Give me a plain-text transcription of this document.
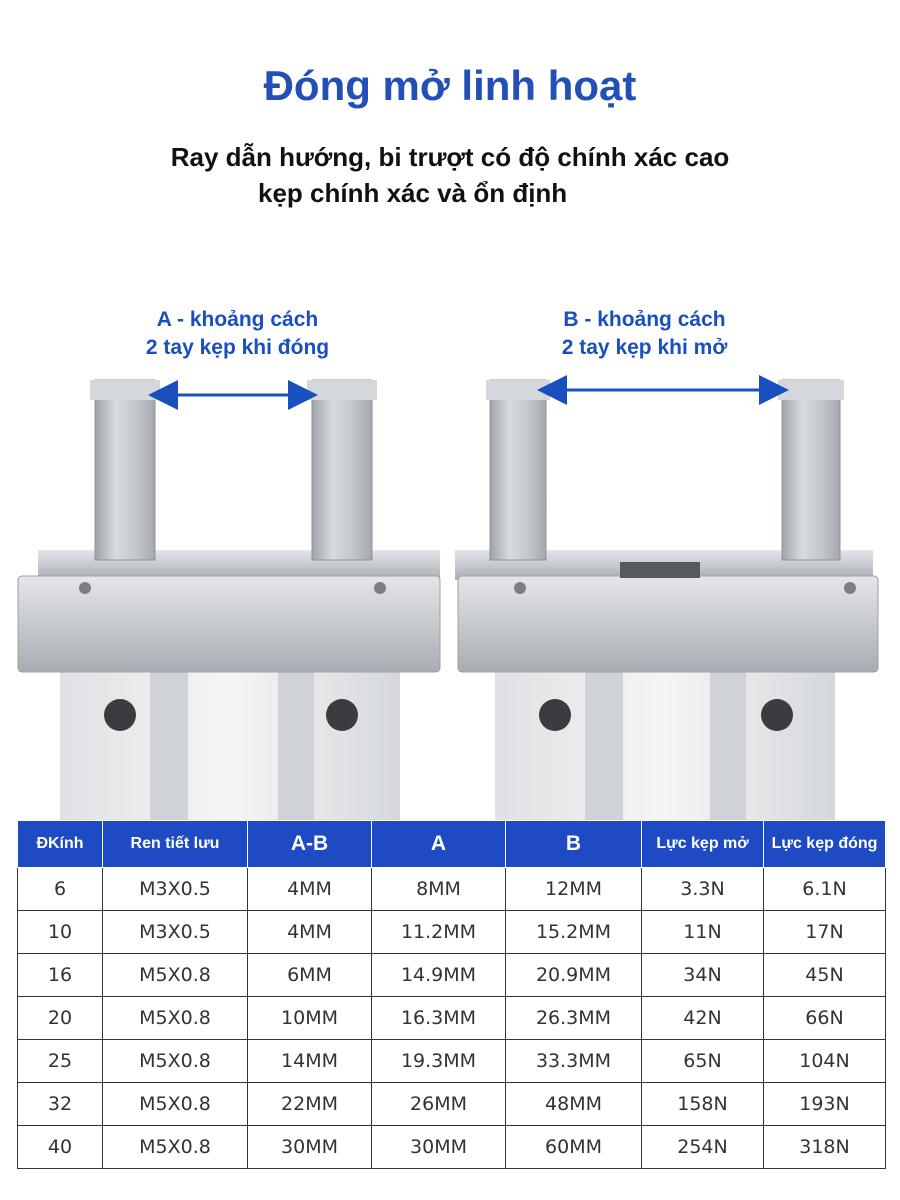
Đóng mở linh hoạt
Ray dẫn hướng, bi trượt có độ chính xác cao
kẹp chính xác và ổn định
A - khoảng cách
2 tay kẹp khi đóng
B - khoảng cách
2 tay kẹp khi mở
ĐKính	Ren tiết lưu	A-B	A	B	Lực kẹp mở	Lực kẹp đóng
6	M3X0.5	4MM	8MM	12MM	3.3N	6.1N
10	M3X0.5	4MM	11.2MM	15.2MM	11N	17N
16	M5X0.8	6MM	14.9MM	20.9MM	34N	45N
20	M5X0.8	10MM	16.3MM	26.3MM	42N	66N
25	M5X0.8	14MM	19.3MM	33.3MM	65N	104N
32	M5X0.8	22MM	26MM	48MM	158N	193N
40	M5X0.8	30MM	30MM	60MM	254N	318N
